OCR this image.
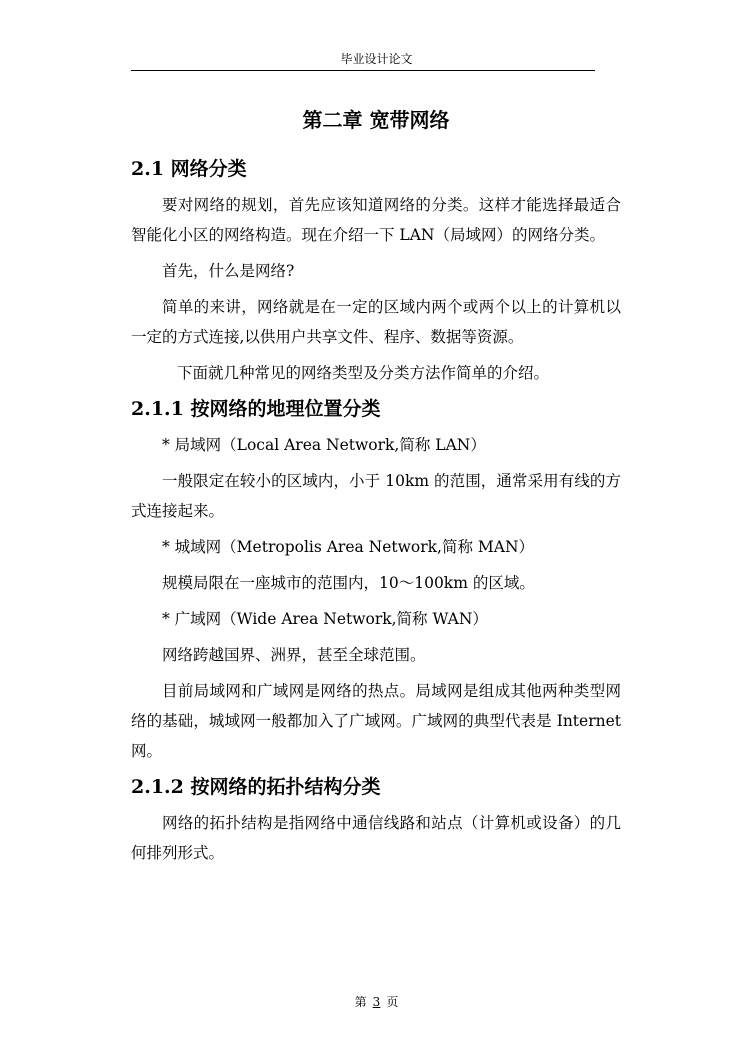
毕业设计论文
第二章 宽带网络
2.1 网络分类

要对网络的规划，首先应该知道网络的分类。这样才能选择最适合智能化小区的网络构造。现在介绍一下 LAN（局域网）的网络分类。

首先，什么是网络?

简单的来讲，网络就是在一定的区域内两个或两个以上的计算机以一定的方式连接,以供用户共享文件、程序、数据等资源。

下面就几种常见的网络类型及分类方法作简单的介绍。

2.1.1 按网络的地理位置分类

* 局域网（Local Area Network,简称 LAN）

一般限定在较小的区域内，小于 10km 的范围，通常采用有线的方式连接起来。

* 城域网（Metropolis Area Network,简称 MAN）

规模局限在一座城市的范围内，10～100km 的区域。

* 广域网（Wide Area Network,简称 WAN）

网络跨越国界、洲界，甚至全球范围。

目前局域网和广域网是网络的热点。局域网是组成其他两种类型网络的基础，城域网一般都加入了广域网。广域网的典型代表是 Internet 网。

2.1.2 按网络的拓扑结构分类

网络的拓扑结构是指网络中通信线路和站点（计算机或设备）的几何排列形式。

第 3 页
